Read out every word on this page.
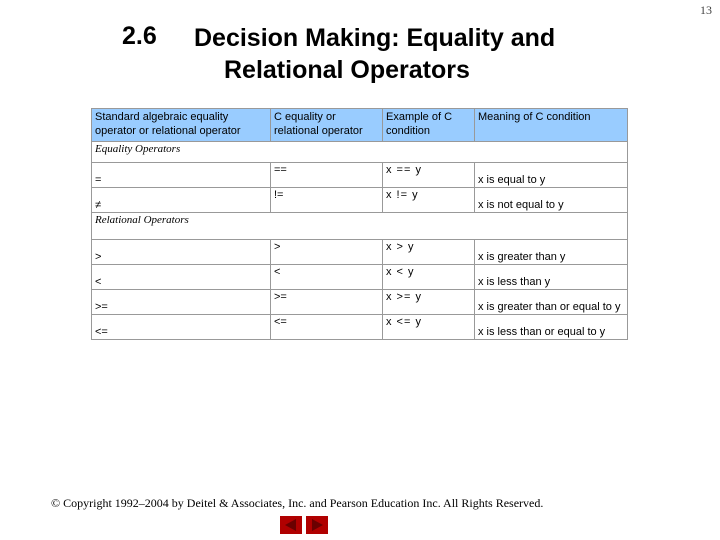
13
2.6 Decision Making: Equality and
Relational Operators
Standard algebraic equality operator or relational operator	C equality or relational operator	Example of C condition	Meaning of C condition
Equality Operators			
=	==	x == y	x is equal to y
≠	!=	x != y	x is not equal to y
Relational Operators			
>	>	x > y	x is greater than y
<	<	x < y	x is less than y
>=	>=	x >= y	x is greater than or equal to y
<=	<=	x <= y	x is less than or equal to y
© Copyright 1992–2004 by Deitel & Associates, Inc. and Pearson Education Inc. All Rights Reserved.
